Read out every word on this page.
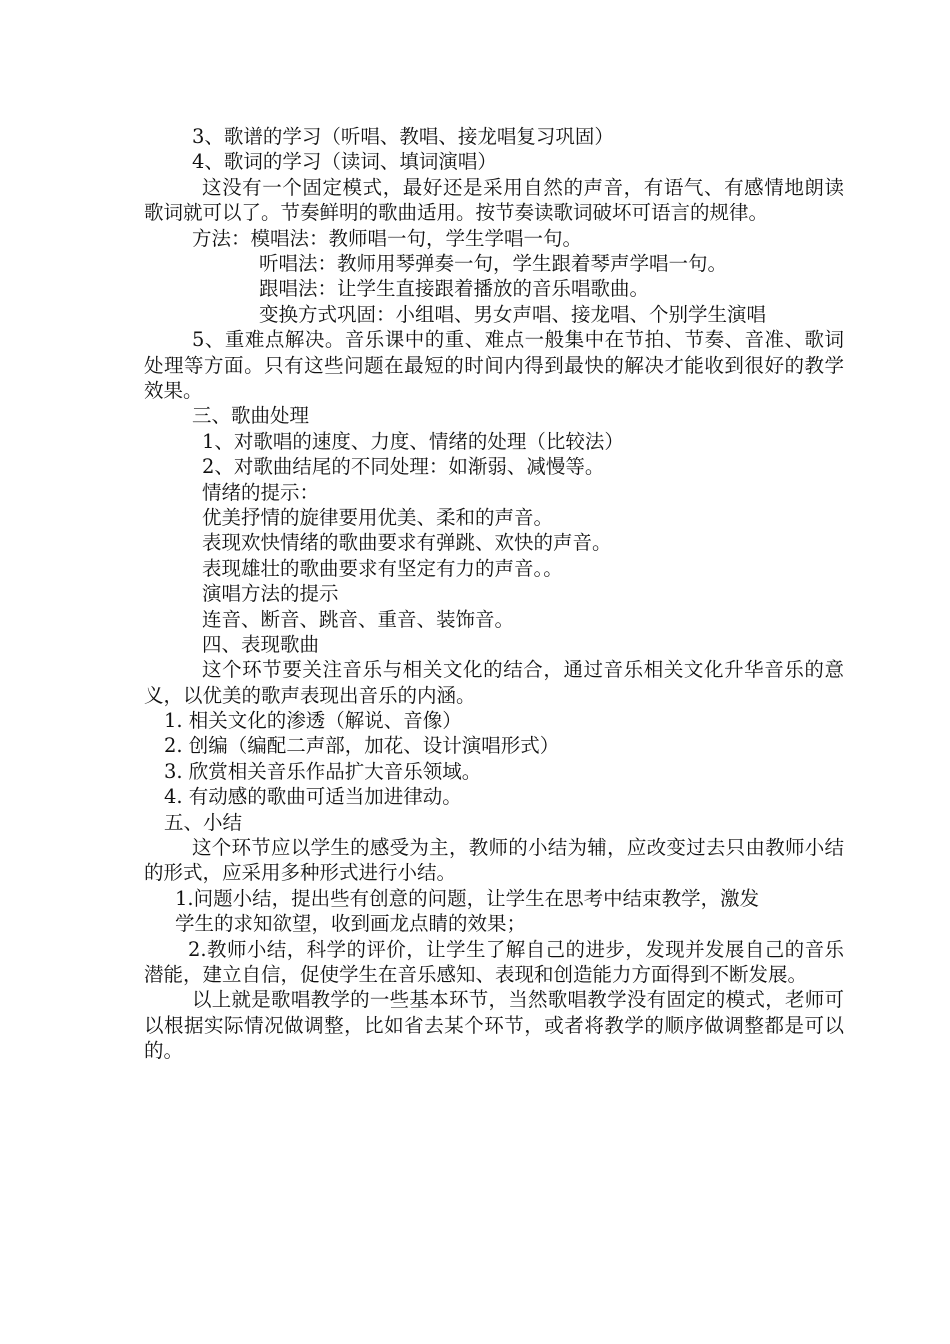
3、歌谱的学习（听唱、教唱、接龙唱复习巩固）
4、歌词的学习（读词、填词演唱）
这没有一个固定模式，最好还是采用自然的声音，有语气、有感情地朗读歌词就可以了。节奏鲜明的歌曲适用。按节奏读歌词破坏可语言的规律。
方法：模唱法：教师唱一句，学生学唱一句。
听唱法：教师用琴弹奏一句，学生跟着琴声学唱一句。
跟唱法：让学生直接跟着播放的音乐唱歌曲。
变换方式巩固：小组唱、男女声唱、接龙唱、个别学生演唱
5、重难点解决。音乐课中的重、难点一般集中在节拍、节奏、音准、歌词处理等方面。只有这些问题在最短的时间内得到最快的解决才能收到很好的教学效果。
三、歌曲处理
1、对歌唱的速度、力度、情绪的处理（比较法）
2、对歌曲结尾的不同处理：如渐弱、减慢等。
情绪的提示：
优美抒情的旋律要用优美、柔和的声音。
表现欢快情绪的歌曲要求有弹跳、欢快的声音。
表现雄壮的歌曲要求有坚定有力的声音。。
演唱方法的提示
连音、断音、跳音、重音、装饰音。
四、表现歌曲
这个环节要关注音乐与相关文化的结合，通过音乐相关文化升华音乐的意义，以优美的歌声表现出音乐的内涵。
1. 相关文化的渗透（解说、音像）
2. 创编（编配二声部，加花、设计演唱形式）
3. 欣赏相关音乐作品扩大音乐领域。
4. 有动感的歌曲可适当加进律动。
五、小结
这个环节应以学生的感受为主，教师的小结为辅，应改变过去只由教师小结的形式，应采用多种形式进行小结。
1.问题小结，提出些有创意的问题，让学生在思考中结束教学，激发
学生的求知欲望，收到画龙点睛的效果；
2.教师小结，科学的评价，让学生了解自己的进步，发现并发展自己的音乐潜能，建立自信，促使学生在音乐感知、表现和创造能力方面得到不断发展。
以上就是歌唱教学的一些基本环节，当然歌唱教学没有固定的模式，老师可以根据实际情况做调整，比如省去某个环节，或者将教学的顺序做调整都是可以的。
